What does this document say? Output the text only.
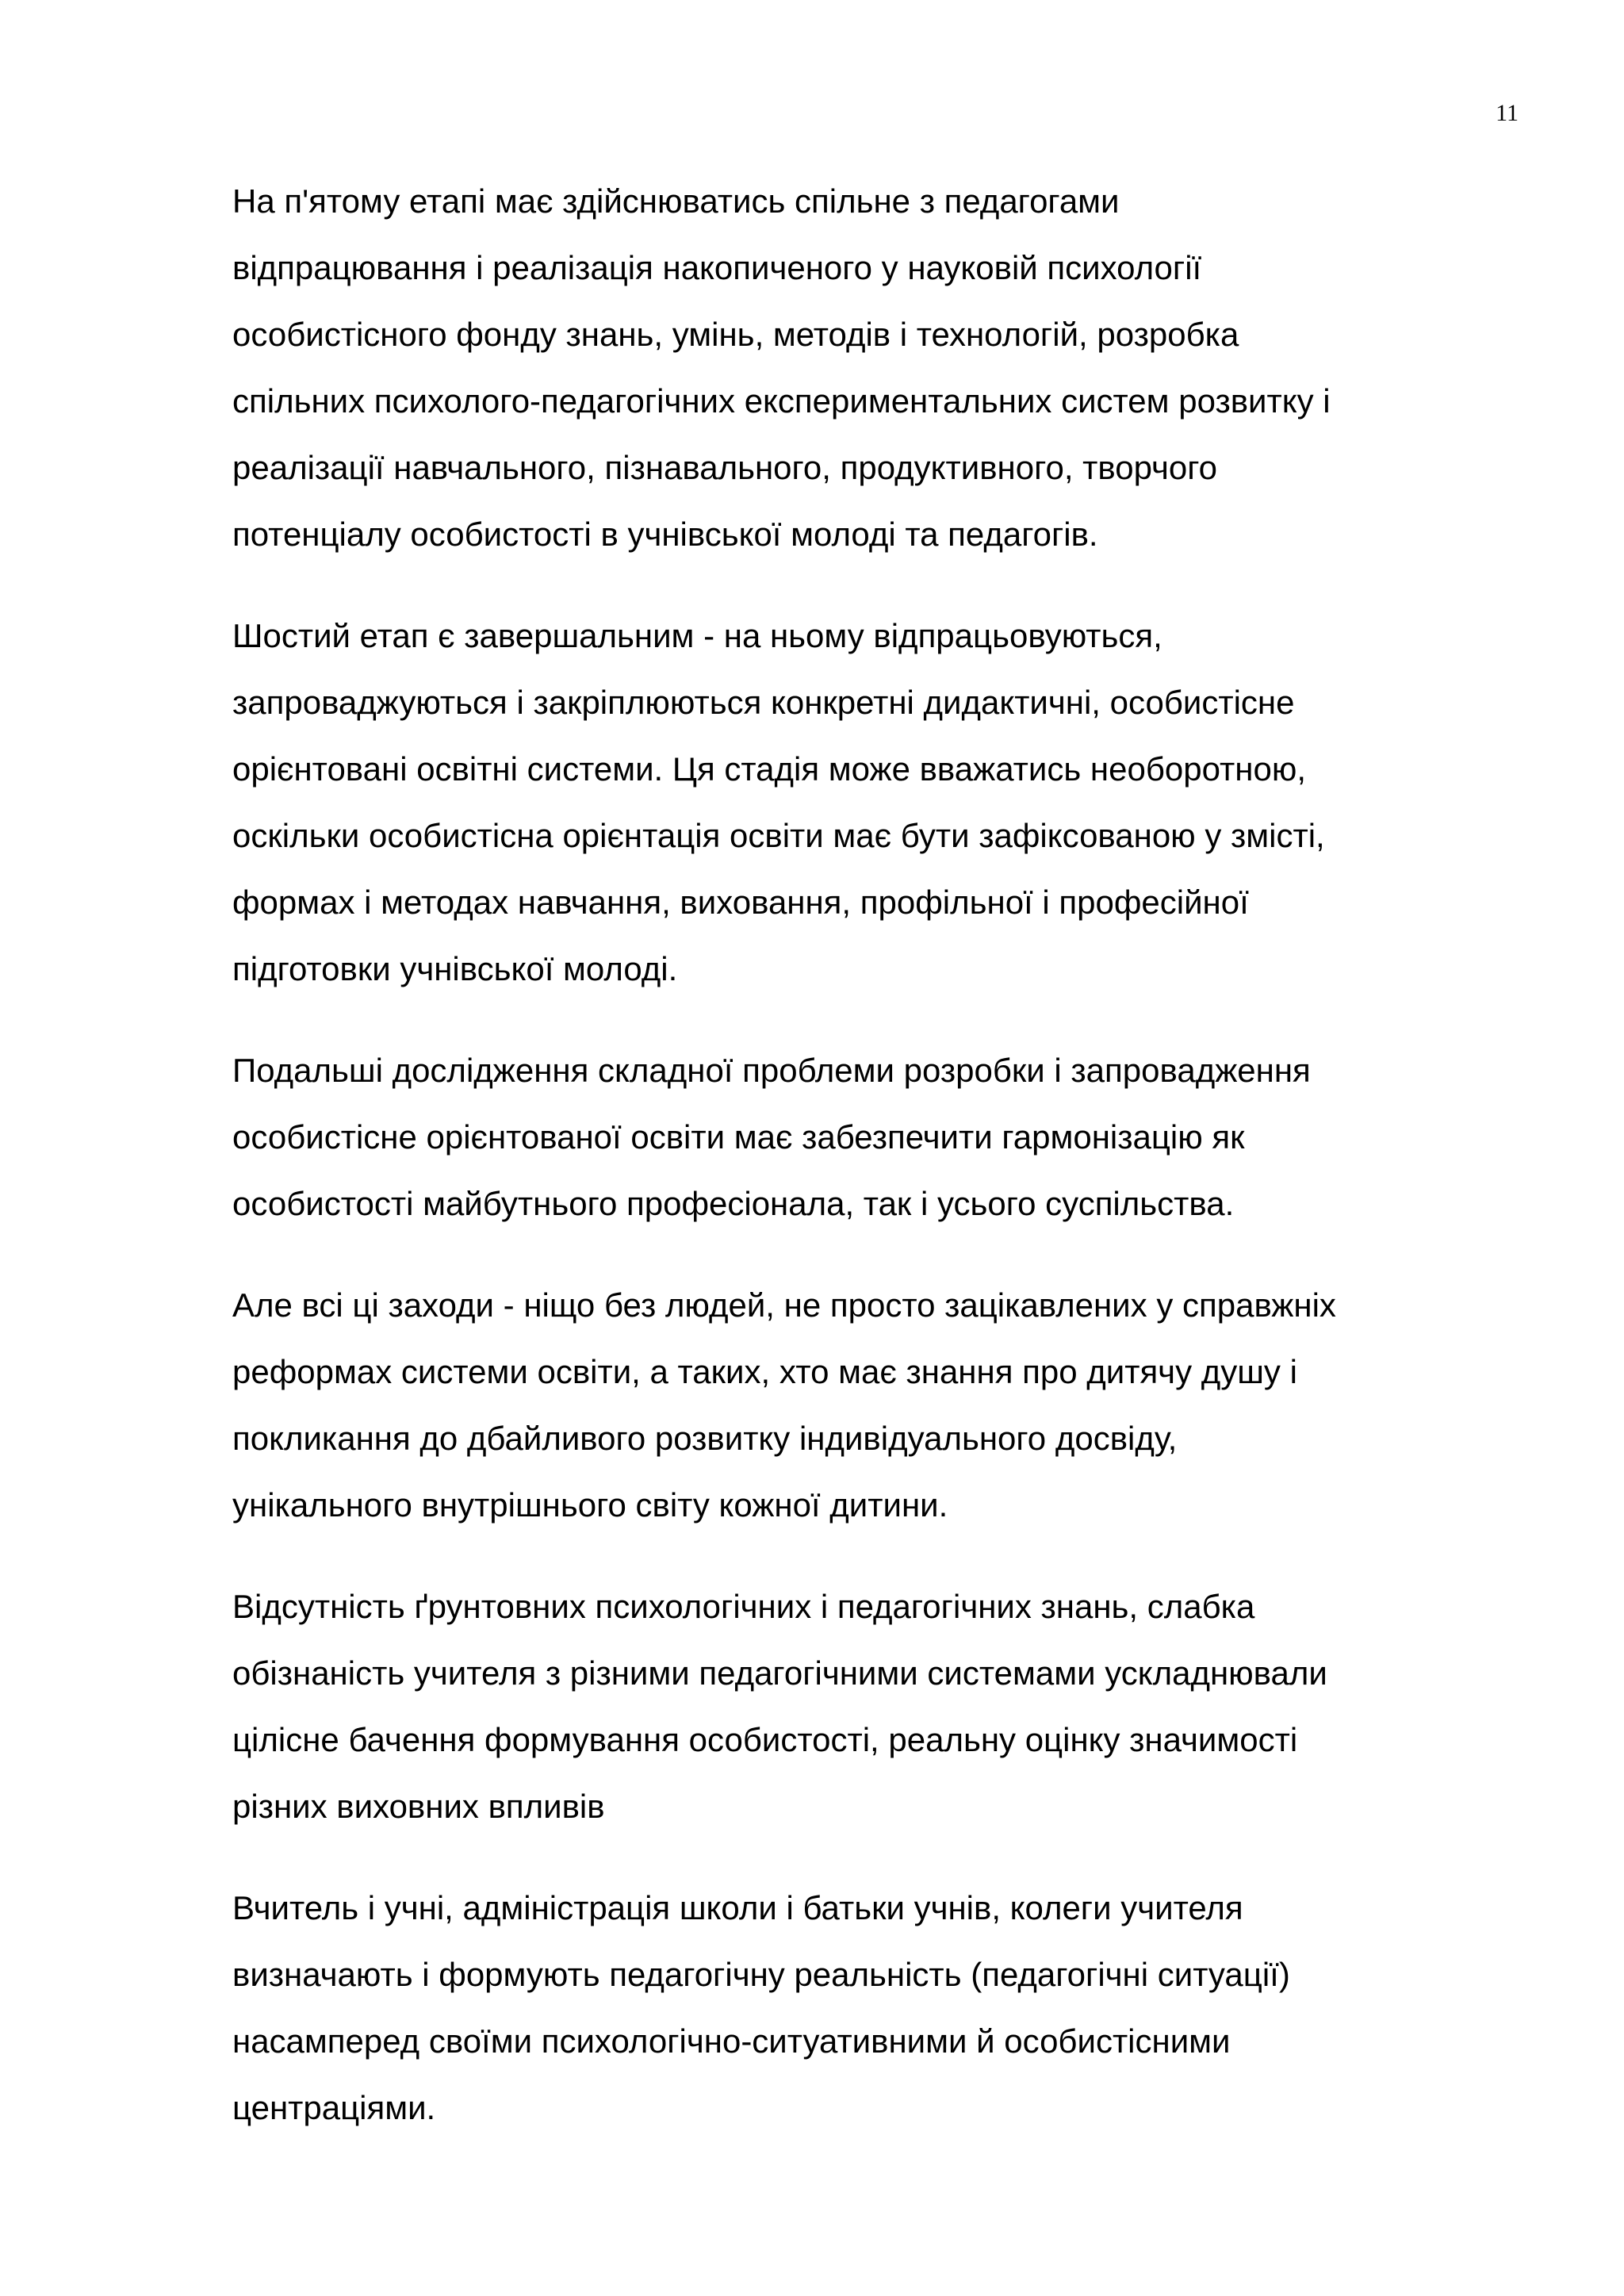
11

На п'ятому етапі має здійснюватись спільне з педагогами
відпрацювання і реалізація накопиченого у науковій психології
особистісного фонду знань, умінь, методів і технологій, розробка
спільних психолого-педагогічних експериментальних систем розвитку і
реалізації навчального, пізнавального, продуктивного, творчого
потенціалу особистості в учнівської молоді та педагогів.

Шостий етап є завершальним - на ньому відпрацьовуються,
запроваджуються і закріплюються конкретні дидактичні, особистісне
орієнтовані освітні системи. Ця стадія може вважатись необоротною,
оскільки особистісна орієнтація освіти має бути зафіксованою у змісті,
формах і методах навчання, виховання, профільної і професійної
підготовки учнівської молоді.

Подальші дослідження складної проблеми розробки і запровадження
особистісне орієнтованої освіти має забезпечити гармонізацію як
особистості майбутнього професіонала, так і усього суспільства.

Але всі ці заходи - ніщо без людей, не просто зацікавлених у справжніх
реформах системи освіти, а таких, хто має знання про дитячу душу і
покликання до дбайливого розвитку індивідуального досвіду,
унікального внутрішнього світу кожної дитини.

Відсутність ґрунтовних психологічних і педагогічних знань, слабка
обізнаність учителя з різними педагогічними системами ускладнювали
цілісне бачення формування особистості, реальну оцінку значимості
різних виховних впливів

Вчитель і учні, адміністрація школи і батьки учнів, колеги учителя
визначають і формують педагогічну реальність (педагогічні ситуації)
насамперед своїми психологічно-ситуативними й особистісними
центраціями.
